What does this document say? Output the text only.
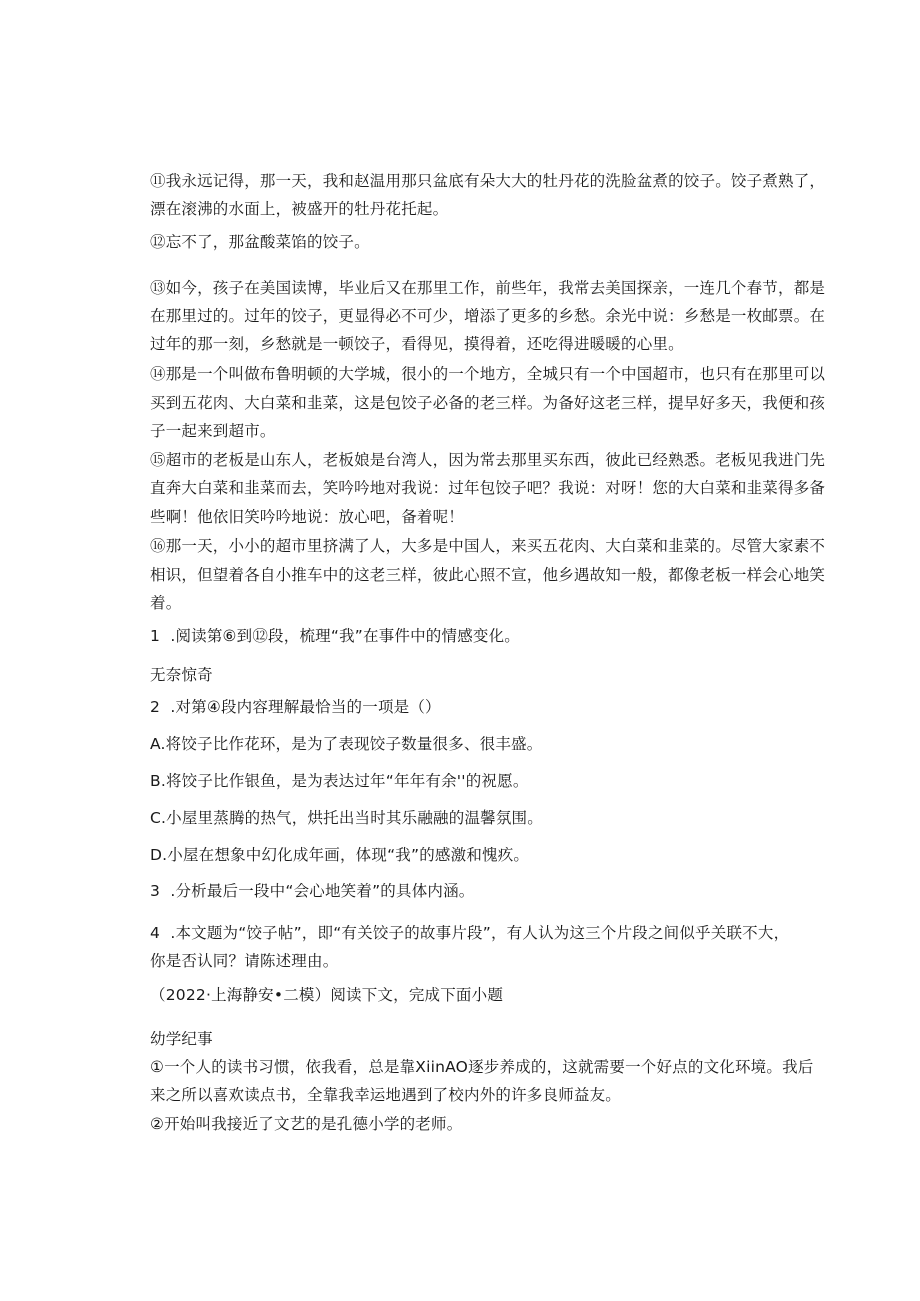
⑪我永远记得，那一天，我和赵温用那只盆底有朵大大的牡丹花的洗脸盆煮的饺子。饺子煮熟了，
漂在滚沸的水面上，被盛开的牡丹花托起。
⑫忘不了，那盆酸菜馅的饺子。
⑬如今，孩子在美国读博，毕业后又在那里工作，前些年，我常去美国探亲，一连几个春节，都是
在那里过的。过年的饺子，更显得必不可少，增添了更多的乡愁。余光中说：乡愁是一枚邮票。在
过年的那一刻，乡愁就是一顿饺子，看得见，摸得着，还吃得进暖暖的心里。
⑭那是一个叫做布鲁明顿的大学城，很小的一个地方，全城只有一个中国超市，也只有在那里可以
买到五花肉、大白菜和韭菜，这是包饺子必备的老三样。为备好这老三样，提早好多天，我便和孩
子一起来到超市。
⑮超市的老板是山东人，老板娘是台湾人，因为常去那里买东西，彼此已经熟悉。老板见我进门先
直奔大白菜和韭菜而去，笑吟吟地对我说：过年包饺子吧？我说：对呀！您的大白菜和韭菜得多备
些啊！他依旧笑吟吟地说：放心吧，备着呢！
⑯那一天，小小的超市里挤满了人，大多是中国人，来买五花肉、大白菜和韭菜的。尽管大家素不
相识，但望着各自小推车中的这老三样，彼此心照不宣，他乡遇故知一般，都像老板一样会心地笑
着。
1  .阅读第⑥到⑫段，梳理“我”在事件中的情感变化。
无奈惊奇
2  .对第④段内容理解最恰当的一项是（）
A.将饺子比作花环，是为了表现饺子数量很多、很丰盛。
B.将饺子比作银鱼，是为表达过年“年年有余''的祝愿。
C.小屋里蒸腾的热气，烘托出当时其乐融融的温馨氛围。
D.小屋在想象中幻化成年画，体现“我”的感激和愧疚。
3  .分析最后一段中“会心地笑着”的具体内涵。
4  .本文题为“饺子帖”，即“有关饺子的故事片段”，有人认为这三个片段之间似乎关联不大，
你是否认同？请陈述理由。
（2022·上海静安•二模）阅读下文，完成下面小题
幼学纪事
①一个人的读书习惯，依我看，总是靠XiinAO逐步养成的，这就需要一个好点的文化环境。我后
来之所以喜欢读点书，全靠我幸运地遇到了校内外的许多良师益友。
②开始叫我接近了文艺的是孔德小学的老师。
